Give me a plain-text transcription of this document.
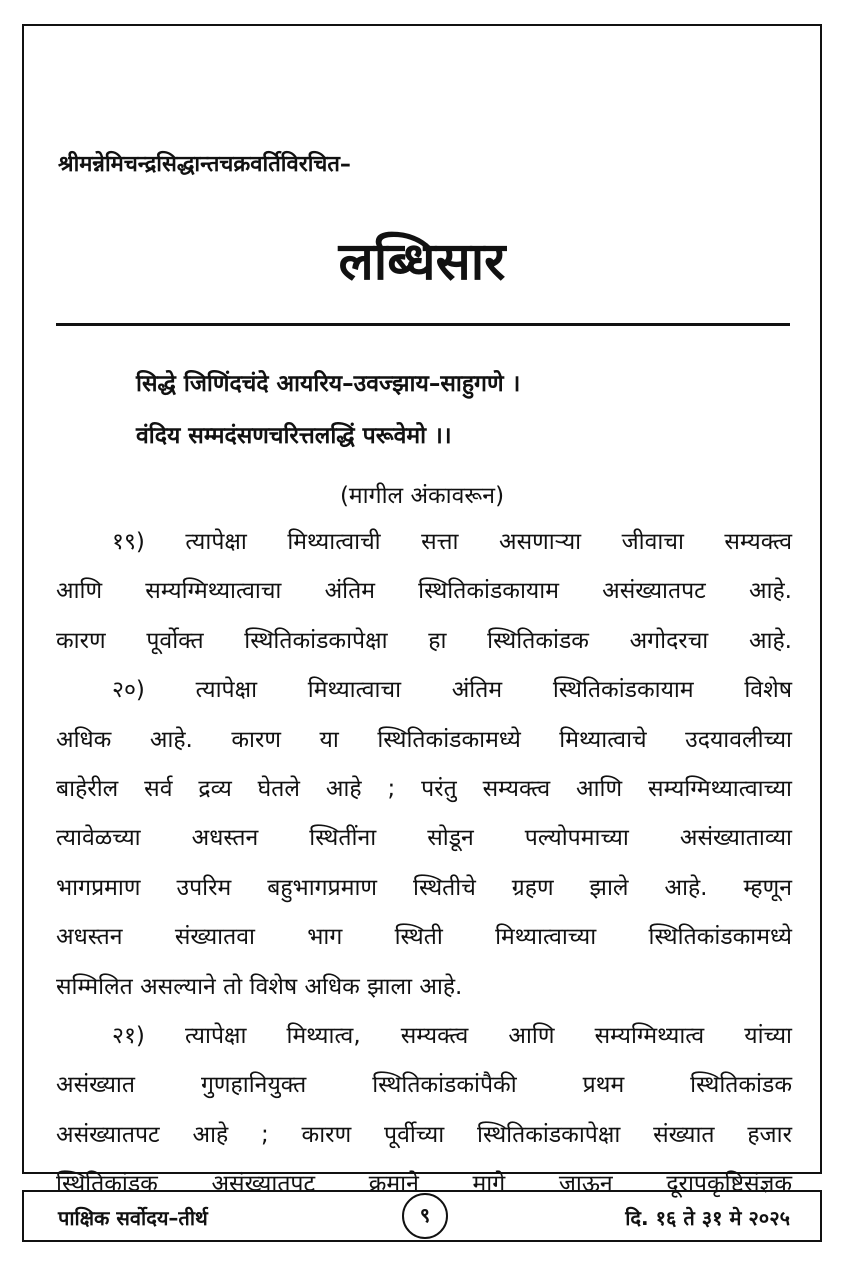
श्रीमन्नेमिचन्द्रसिद्धान्तचक्रवर्तिविरचित–
लब्धिसार
सिद्धे जिणिंदचंदे आयरिय–उवज्झाय–साहुगणे ।
वंदिय सम्मदंसणचरित्तलद्धिं परूवेमो ।।
(मागील अंकावरून)

१९) त्यापेक्षा मिथ्यात्वाची सत्ता असणाऱ्या जीवाचा सम्यक्त्व

आणि सम्यग्मिथ्यात्वाचा अंतिम स्थितिकांडकायाम असंख्यातपट आहे.

कारण पूर्वोक्त स्थितिकांडकापेक्षा हा स्थितिकांडक अगोदरचा आहे.

२०) त्यापेक्षा मिथ्यात्वाचा अंतिम स्थितिकांडकायाम विशेष

अधिक आहे. कारण या स्थितिकांडकामध्ये मिथ्यात्वाचे उदयावलीच्या

बाहेरील सर्व द्रव्य घेतले आहे ; परंतु सम्यक्त्व आणि सम्यग्मिथ्यात्वाच्या

त्यावेळच्या अधस्तन स्थितींना सोडून पल्योपमाच्या असंख्याताव्या

भागप्रमाण उपरिम बहुभागप्रमाण स्थितीचे ग्रहण झाले आहे. म्हणून

अधस्तन संख्यातवा भाग स्थिती मिथ्यात्वाच्या स्थितिकांडकामध्ये

सम्मिलित असल्याने तो विशेष अधिक झाला आहे.

२१) त्यापेक्षा मिथ्यात्व, सम्यक्त्व आणि सम्यग्मिथ्यात्व यांच्या

असंख्यात गुणहानियुक्त स्थितिकांडकांपैकी प्रथम स्थितिकांडक

असंख्यातपट आहे ; कारण पूर्वीच्या स्थितिकांडकापेक्षा संख्यात हजार

स्थितिकांडक असंख्यातपट क्रमाने मागे जाऊन दूरापकृष्टिसंज्ञक

पाक्षिक सर्वोदय–तीर्थ	९	दि. १६ ते ३१ मे २०२५
